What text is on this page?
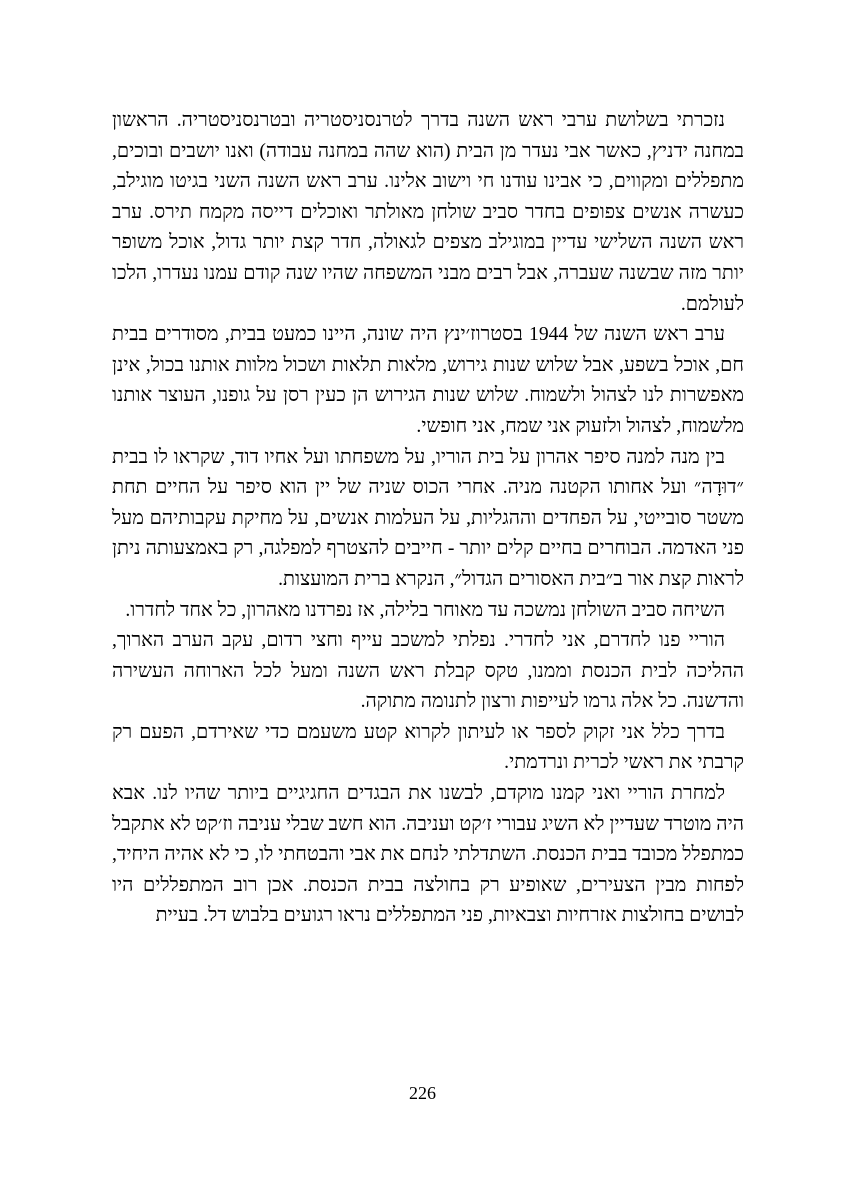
נזכרתי בשלושת ערבי ראש השנה בדרך לטרנסניסטריה ובטרנסניסטריה. הראשון במחנה ידניץ, כאשר אבי נעדר מן הבית (הוא שהה במחנה עבודה) ואנו יושבים ובוכים, מתפללים ומקווים, כי אבינו עודנו חי וישוב אלינו. ערב ראש השנה השני בגיטו מוגילב, כעשרה אנשים צפופים בחדר סביב שולחן מאולתר ואוכלים דייסה מקמח תירס. ערב ראש השנה השלישי עדיין במוגילב מצפים לגאולה, חדר קצת יותר גדול, אוכל משופר יותר מזה שבשנה שעברה, אבל רבים מבני המשפחה שהיו שנה קודם עמנו נעדרו, הלכו לעולמם.

ערב ראש השנה של 1944 בסטרוז׳ינץ היה שונה, היינו כמעט בבית, מסודרים בבית חם, אוכל בשפע, אבל שלוש שנות גירוש, מלאות תלאות ושכול מלוות אותנו בכול, אינן מאפשרות לנו לצהול ולשמוח. שלוש שנות הגירוש הן כעין רסן על גופנו, העוצר אותנו מלשמוח, לצהול ולזעוק אני שמח, אני חופשי.

בין מנה למנה סיפר אהרון על בית הוריו, על משפחתו ועל אחיו דוד, שקראו לו בבית ״דוּדָה״ ועל אחותו הקטנה מניה. אחרי הכוס שניה של יין הוא סיפר על החיים תחת משטר סובייטי, על הפחדים וההגליות, על העלמות אנשים, על מחיקת עקבותיהם מעל פני האדמה. הבוחרים בחיים קלים יותר - חייבים להצטרף למפלגה, רק באמצעותה ניתן לראות קצת אור ב״בית האסורים הגדול״, הנקרא ברית המועצות.

השיחה סביב השולחן נמשכה עד מאוחר בלילה, אז נפרדנו מאהרון, כל אחד לחדרו.

הוריי פנו לחדרם, אני לחדרי. נפלתי למשכב עייף וחצי רדום, עקב הערב הארוך, ההליכה לבית הכנסת וממנו, טקס קבלת ראש השנה ומעל לכל הארוחה העשירה והדשנה. כל אלה גרמו לעייפות ורצון לתנומה מתוקה.

בדרך כלל אני זקוק לספר או לעיתון לקרוא קטע משעמם כדי שאירדם, הפעם רק קרבתי את ראשי לכרית ונרדמתי.

למחרת הוריי ואני קמנו מוקדם, לבשנו את הבגדים החגיגיים ביותר שהיו לנו. אבא היה מוטרד שעדיין לא השיג עבורי ז׳קט ועניבה. הוא חשב שבלי עניבה וז׳קט לא אתקבל כמתפלל מכובד בבית הכנסת. השתדלתי לנחם את אבי והבטחתי לו, כי לא אהיה היחיד, לפחות מבין הצעירים, שאופיע רק בחולצה בבית הכנסת. אכן רוב המתפללים היו לבושים בחולצות אזרחיות וצבאיות, פני המתפללים נראו רגועים בלבוש דל. בעיית

226
